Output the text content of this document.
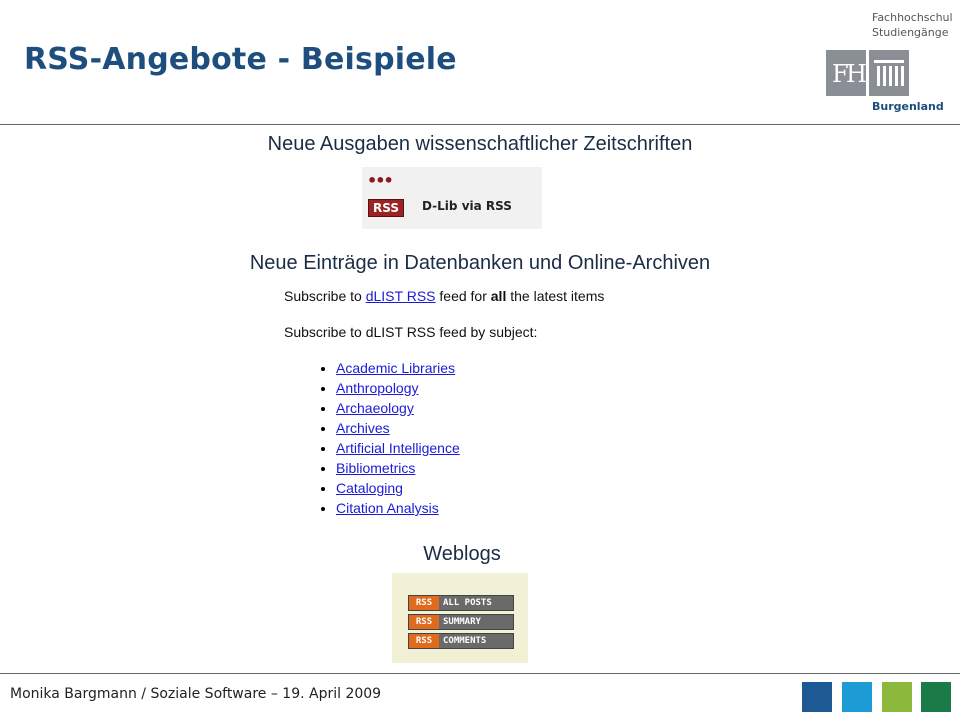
RSS-Angebote - Beispiele
Fachhochschul
Studiengänge
F
H
Burgenland
Neue Ausgaben wissenschaftlicher Zeitschriften
•••
RSS	D-Lib via RSS
Neue Einträge in Datenbanken und Online-Archiven
Subscribe to dLIST RSS feed for all the latest items
Subscribe to dLIST RSS feed by subject:
• Academic Libraries
• Anthropology
• Archaeology
• Archives
• Artificial Intelligence
• Bibliometrics
• Cataloging
• Citation Analysis
Weblogs
RSS	ALL POSTS
RSS	SUMMARY
RSS	COMMENTS
Monika Bargmann / Soziale Software – 19. April 2009
